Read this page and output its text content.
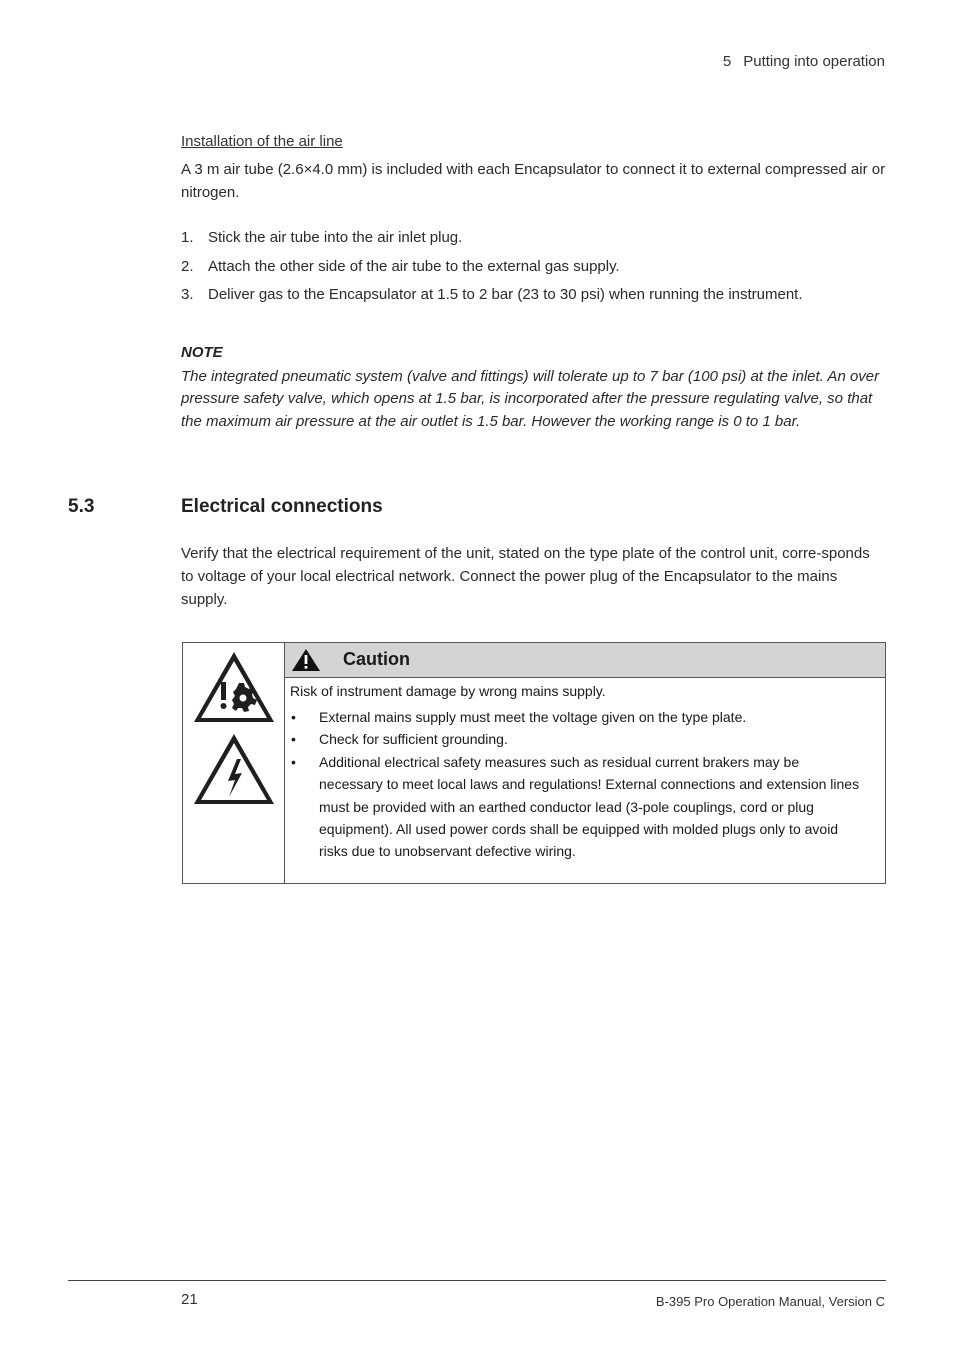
5 Putting into operation
Installation of the air line
A 3 m air tube (2.6×4.0 mm) is included with each Encapsulator to connect it to external compressed air or nitrogen.
1. Stick the air tube into the air inlet plug.
2. Attach the other side of the air tube to the external gas supply.
3. Deliver gas to the Encapsulator at 1.5 to 2 bar (23 to 30 psi) when running the instrument.
NOTE
The integrated pneumatic system (valve and fittings) will tolerate up to 7 bar (100 psi) at the inlet. An over pressure safety valve, which opens at 1.5 bar, is incorporated after the pressure regulating valve, so that the maximum air pressure at the air outlet is 1.5 bar. However the working range is 0 to 1 bar.
5.3	Electrical connections
Verify that the electrical requirement of the unit, stated on the type plate of the control unit, corre-sponds to voltage of your local electrical network. Connect the power plug of the Encapsulator to the mains supply.
Caution

Risk of instrument damage by wrong mains supply.

• External mains supply must meet the voltage given on the type plate.
• Check for sufficient grounding.
• Additional electrical safety measures such as residual current brakers may be necessary to meet local laws and regulations! External connections and extension lines must be provided with an earthed conductor lead (3-pole couplings, cord or plug equipment). All used power cords shall be equipped with molded plugs only to avoid risks due to unobservant defective wiring.
21	B-395 Pro Operation Manual, Version C
